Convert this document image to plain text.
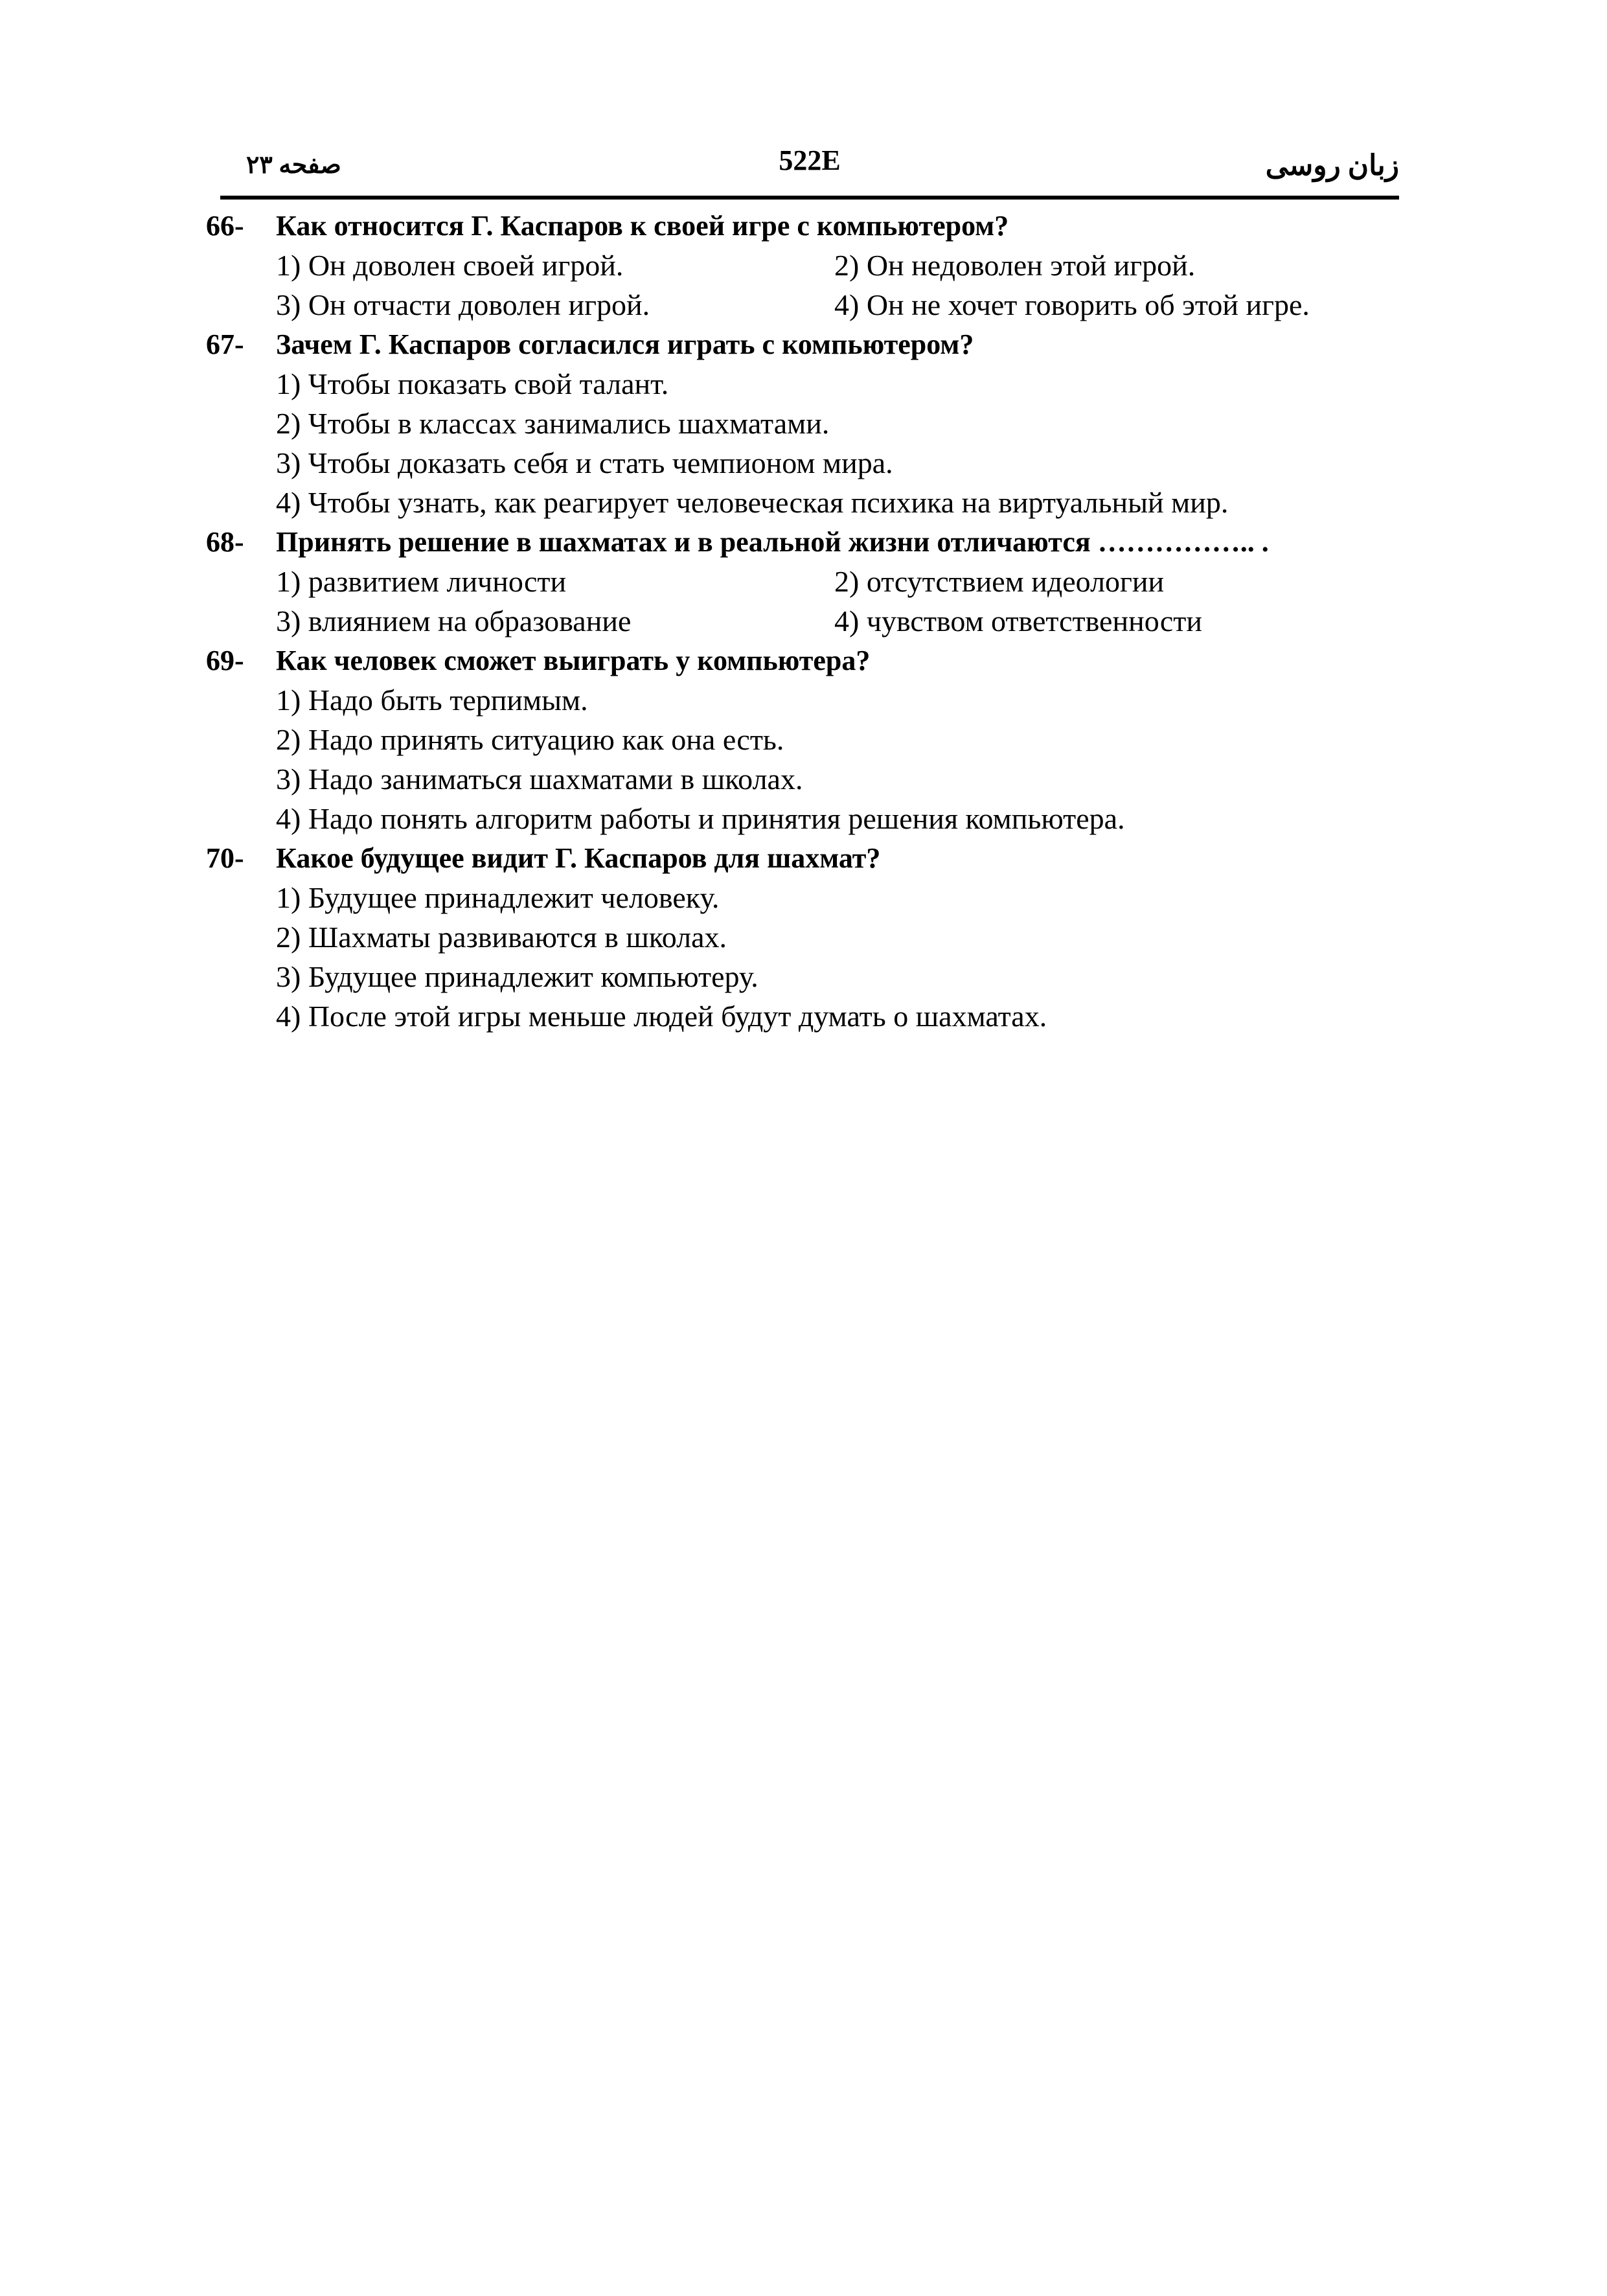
صفحه ۲۳	522E	زبان روسی
66- Как относится Г. Каспаров к своей игре с компьютером?
1) Он доволен своей игрой.	2) Он недоволен этой игрой.
3) Он отчасти доволен игрой.	4) Он не хочет говорить об этой игре.
67- Зачем Г. Каспаров согласился играть с компьютером?
1) Чтобы показать свой талант.
2) Чтобы в классах занимались шахматами.
3) Чтобы доказать себя и стать чемпионом мира.
4) Чтобы узнать, как реагирует человеческая психика на виртуальный мир.
68- Принять решение в шахматах и в реальной жизни отличаются …………….. .
1) развитием личности	2) отсутствием идеологии
3) влиянием на образование	4) чувством ответственности
69- Как человек сможет выиграть у компьютера?
1) Надо быть терпимым.
2) Надо принять ситуацию как она есть.
3) Надо заниматься шахматами в школах.
4) Надо понять алгоритм работы и принятия решения компьютера.
70- Какое будущее видит Г. Каспаров для шахмат?
1) Будущее принадлежит человеку.
2) Шахматы развиваются в школах.
3) Будущее принадлежит компьютеру.
4) После этой игры меньше людей будут думать о шахматах.
